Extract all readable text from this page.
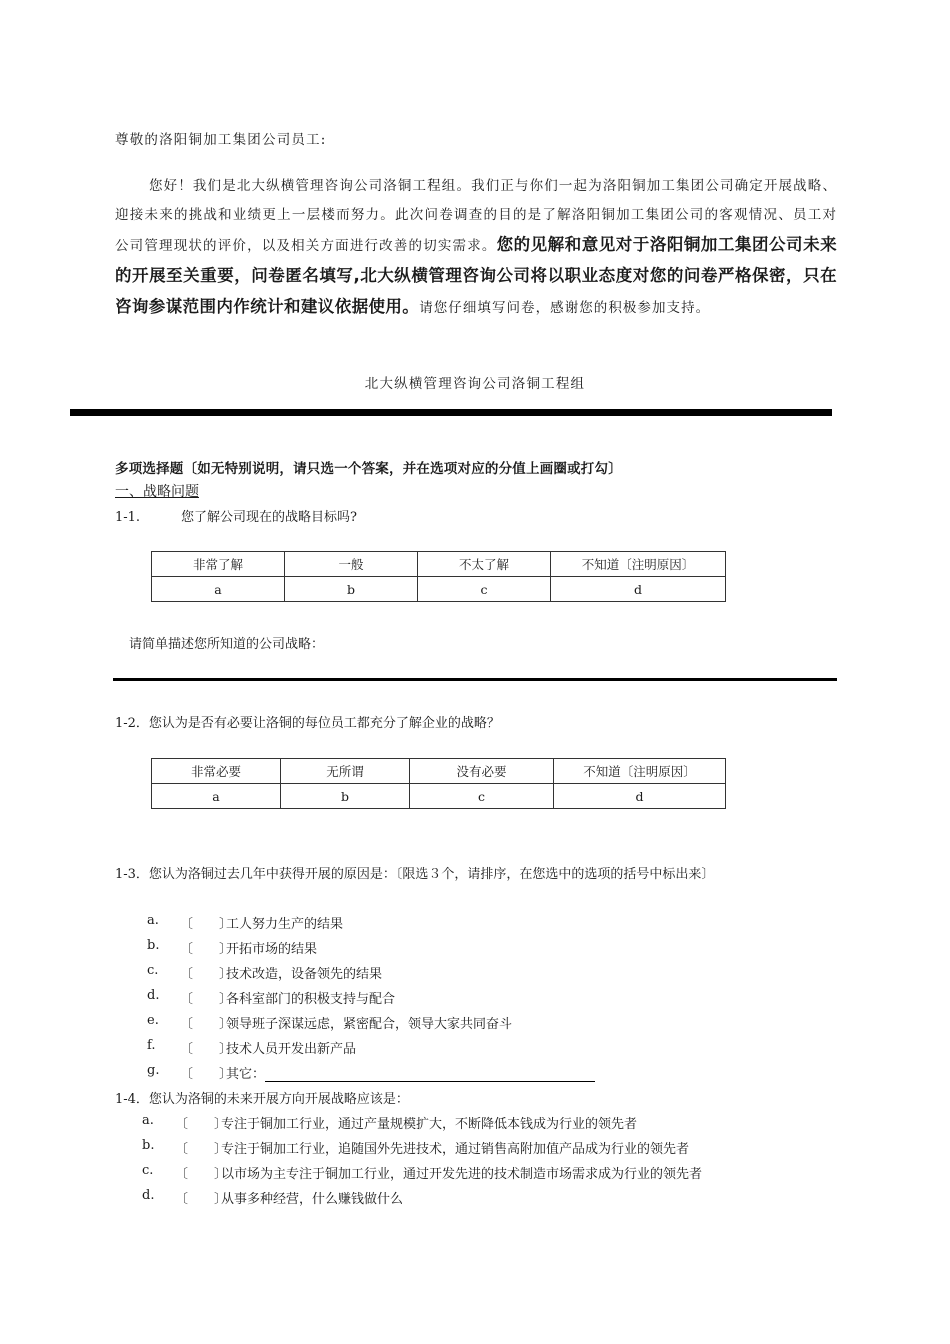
尊敬的洛阳铜加工集团公司员工:
您好！我们是北大纵横管理咨询公司洛铜工程组。我们正与你们一起为洛阳铜加工集团公司确定开展战略、迎接未来的挑战和业绩更上一层楼而努力。此次问卷调查的目的是了解洛阳铜加工集团公司的客观情况、员工对公司管理现状的评价，以及相关方面进行改善的切实需求。您的见解和意见对于洛阳铜加工集团公司未来的开展至关重要，问卷匿名填写,北大纵横管理咨询公司将以职业态度对您的问卷严格保密，只在咨询参谋范围内作统计和建议依据使用。请您仔细填写问卷，感谢您的积极参加支持。
北大纵横管理咨询公司洛铜工程组
多项选择题〔如无特别说明，请只选一个答案，并在选项对应的分值上画圈或打勾〕
一、战略问题
1-1.	您了解公司现在的战略目标吗?
非常了解	一般	不太了解	不知道〔注明原因〕
a	b	c	d
请简单描述您所知道的公司战略：
1-2．您认为是否有必要让洛铜的每位员工都充分了解企业的战略？
非常必要	无所谓	没有必要	不知道〔注明原因〕
a	b	c	d
1-3．您认为洛铜过去几年中获得开展的原因是：〔限选３个，请排序，在您选中的选项的括号中标出来〕
a. 〔　　〕
工人努力生产的结果
b. 〔　　〕
开拓市场的结果
c. 〔　　〕
技术改造，设备领先的结果
d. 〔　　〕
各科室部门的积极支持与配合
e. 〔　　〕
领导班子深谋远虑，紧密配合，领导大家共同奋斗
f. 〔　　〕
技术人员开发出新产品
g. 〔　　〕
其它：
1-4．您认为洛铜的未来开展方向开展战略应该是：
a. 〔　　〕
专注于铜加工行业，通过产量规模扩大，不断降低本钱成为行业的领先者
b. 〔　　〕
专注于铜加工行业，追随国外先进技术，通过销售高附加值产品成为行业的领先者
c. 〔　　〕
以市场为主专注于铜加工行业，通过开发先进的技术制造市场需求成为行业的领先者
d. 〔　　〕
从事多种经营，什么赚钱做什么
